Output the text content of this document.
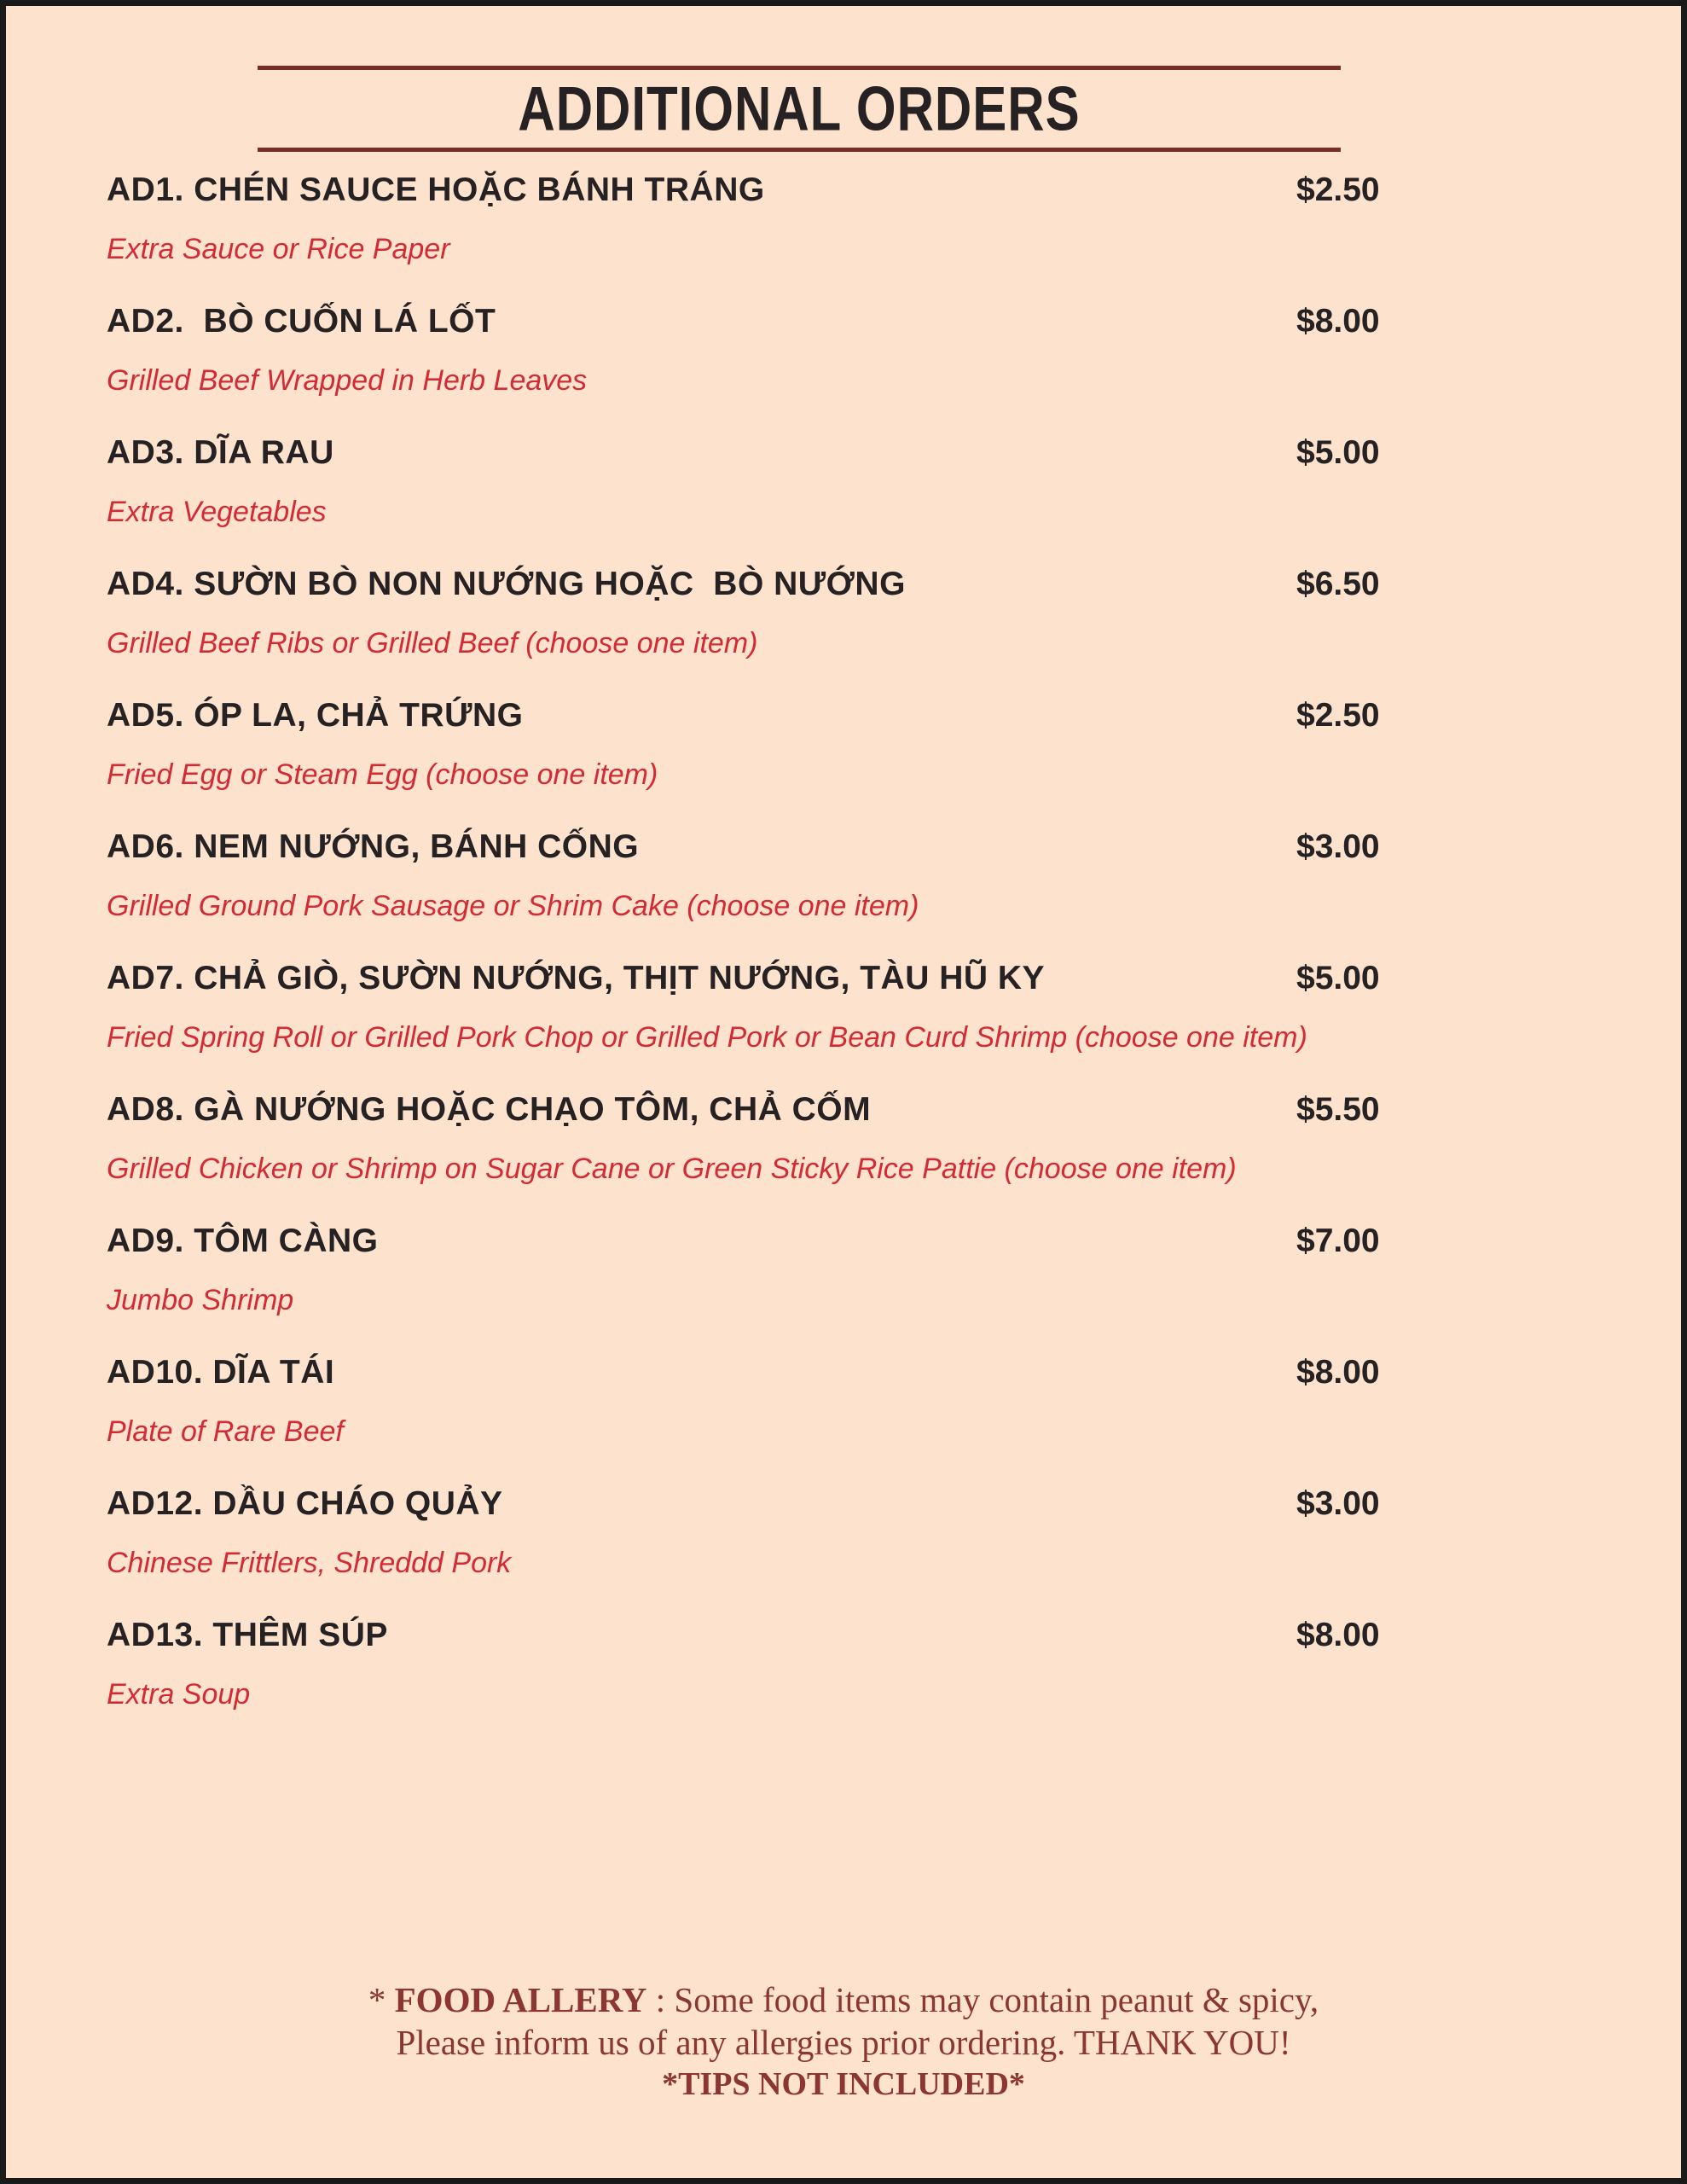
ADDITIONAL ORDERS
AD1. CHÉN SAUCE HOẶC BÁNH TRÁNG	$2.50
Extra Sauce or Rice Paper
AD2.  BÒ CUỐN LÁ LỐT	$8.00
Grilled Beef Wrapped in Herb Leaves
AD3. DĨA RAU	$5.00
Extra Vegetables
AD4. SƯỜN BÒ NON NƯỚNG HOẶC  BÒ NƯỚNG	$6.50
Grilled Beef Ribs or Grilled Beef (choose one item)
AD5. ÓP LA, CHẢ TRỨNG	$2.50
Fried Egg or Steam Egg (choose one item)
AD6. NEM NƯỚNG, BÁNH CỐNG	$3.00
Grilled Ground Pork Sausage or Shrim Cake (choose one item)
AD7. CHẢ GIÒ, SƯỜN NƯỚNG, THỊT NƯỚNG, TÀU HŨ KY	$5.00
Fried Spring Roll or Grilled Pork Chop or Grilled Pork or Bean Curd Shrimp (choose one item)
AD8. GÀ NƯỚNG HOẶC CHẠO TÔM, CHẢ CỐM	$5.50
Grilled Chicken or Shrimp on Sugar Cane or Green Sticky Rice Pattie (choose one item)
AD9. TÔM CÀNG	$7.00
Jumbo Shrimp
AD10. DĨA TÁI	$8.00
Plate of Rare Beef
AD12. DẦU CHÁO QUẢY	$3.00
Chinese Frittlers, Shreddd Pork
AD13. THÊM SÚP	$8.00
Extra Soup
* FOOD ALLERY : Some food items may contain peanut & spicy,
Please inform us of any allergies prior ordering. THANK YOU!
*TIPS NOT INCLUDED*
